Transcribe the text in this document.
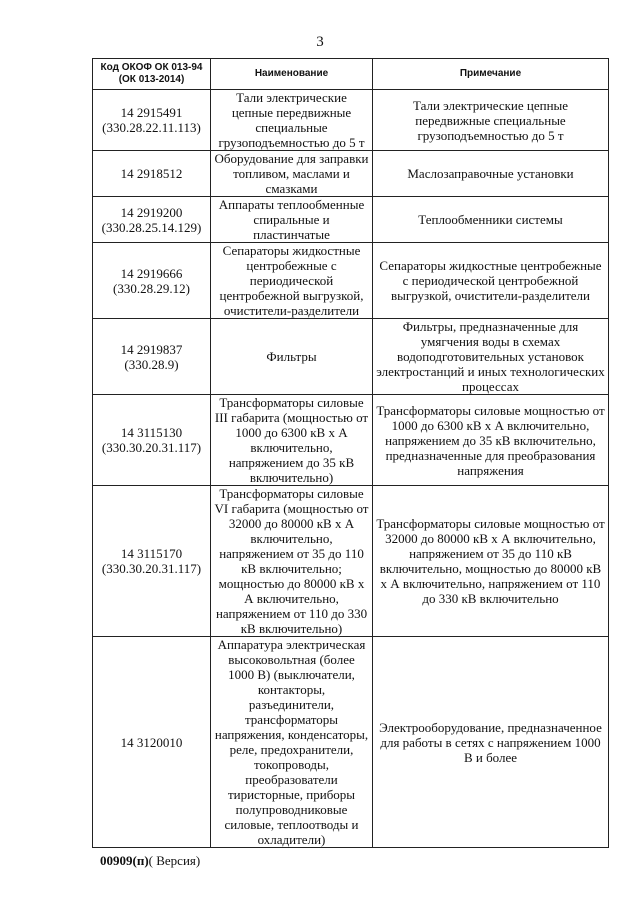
3
Код ОКОФ ОК 013-94 (ОК 013-2014)	Наименование	Примечание
14 2915491
(330.28.22.11.113)	Тали электрические цепные передвижные специальные грузоподъемностью до 5 т	Тали электрические цепные передвижные специальные грузоподъемностью до 5 т
14 2918512	Оборудование для заправки топливом, маслами и смазками	Маслозаправочные установки
14 2919200
(330.28.25.14.129)	Аппараты теплообменные спиральные и пластинчатые	Теплообменники системы
14 2919666
(330.28.29.12)	Сепараторы жидкостные центробежные с периодической центробежной выгрузкой, очистители-разделители	Сепараторы жидкостные центробежные с периодической центробежной выгрузкой, очистители-разделители
14 2919837
(330.28.9)	Фильтры	Фильтры, предназначенные для умягчения воды в схемах водоподготовительных установок электростанций и иных технологических процессах
14 3115130
(330.30.20.31.117)	Трансформаторы силовые III габарита (мощностью от 1000 до 6300 кВ х А включительно, напряжением до 35 кВ включительно)	Трансформаторы силовые мощностью от 1000 до 6300 кВ х А включительно, напряжением до 35 кВ включительно, предназначенные для преобразования напряжения
14 3115170
(330.30.20.31.117)	Трансформаторы силовые VI габарита (мощностью от 32000 до 80000 кВ х А включительно, напряжением от 35 до 110 кВ включительно; мощностью до 80000 кВ х А включительно, напряжением от 110 до 330 кВ включительно)	Трансформаторы силовые мощностью от 32000 до 80000 кВ х А включительно, напряжением от 35 до 110 кВ включительно, мощностью до 80000 кВ х А включительно, напряжением от 110 до 330 кВ включительно
14 3120010	Аппаратура электрическая высоковольтная (более 1000 В) (выключатели, контакторы, разъединители, трансформаторы напряжения, конденсаторы, реле, предохранители, токопроводы, преобразователи тиристорные, приборы полупроводниковые силовые, теплоотводы и охладители)	Электрооборудование, предназначенное для работы в сетях с напряжением 1000 В и более
00909(п)( Версия)
